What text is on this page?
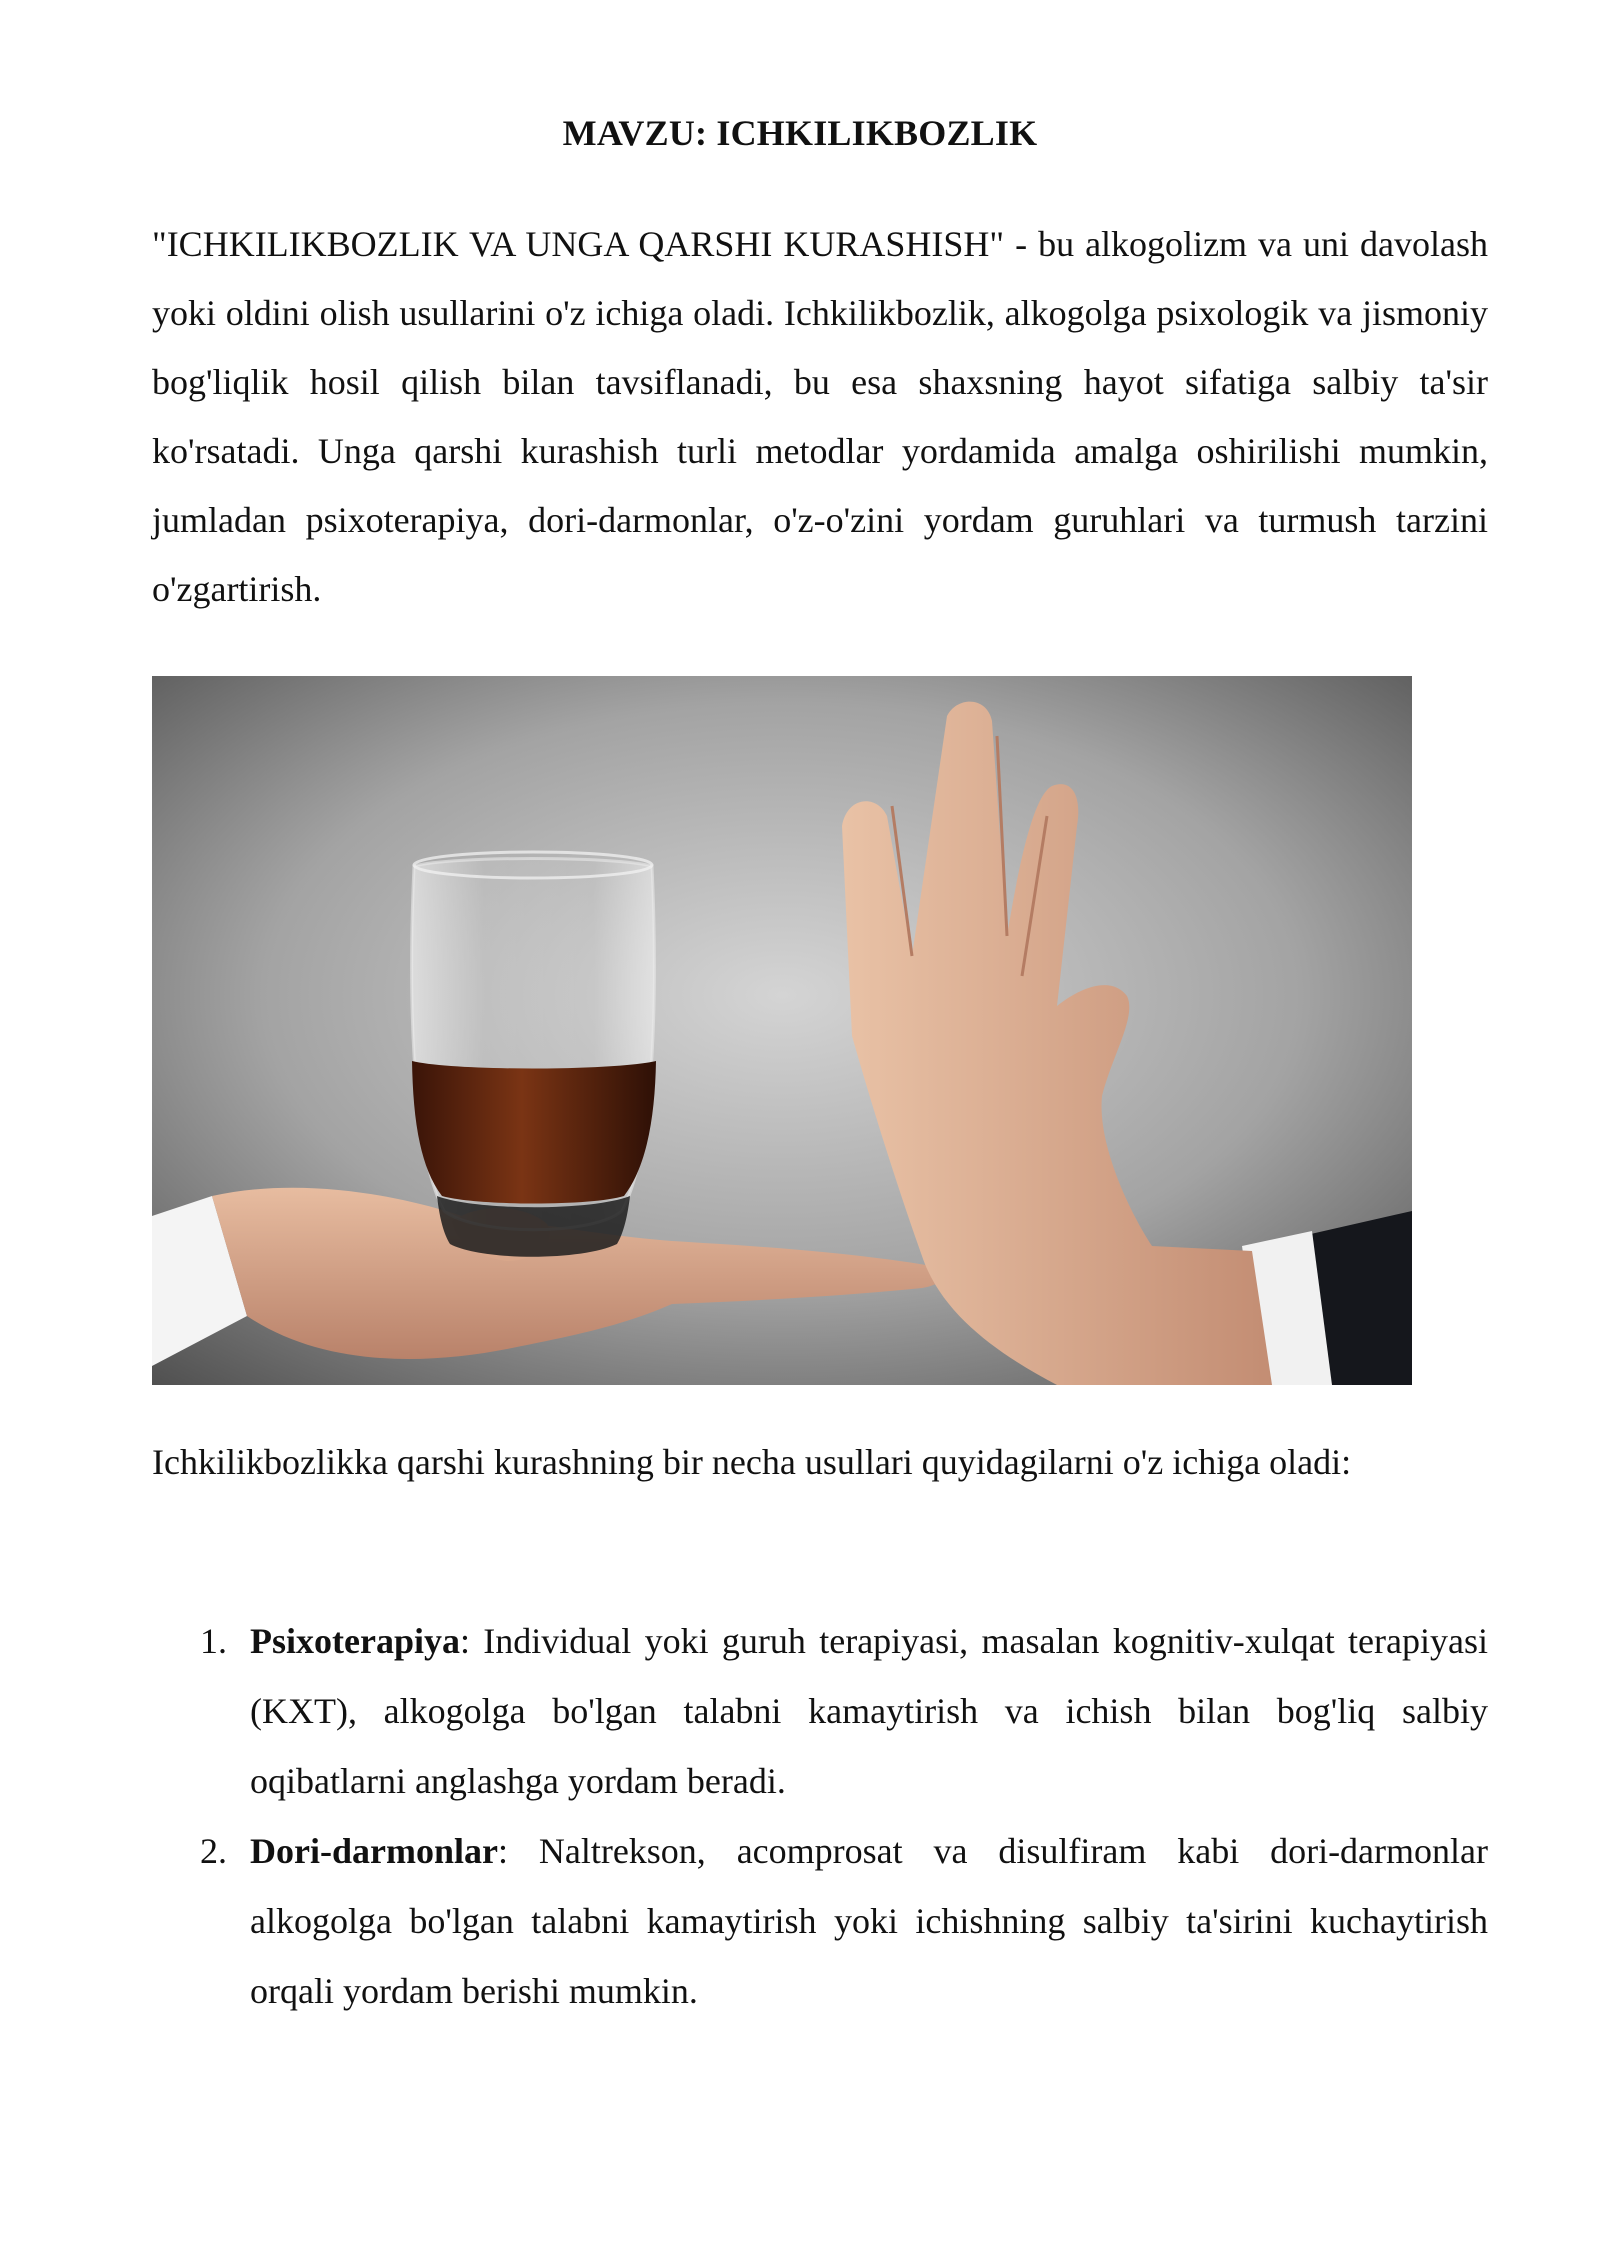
MAVZU: ICHKILIKBOZLIK

"ICHKILIKBOZLIK VA UNGA QARSHI KURASHISH" - bu alkogolizm va uni davolash yoki oldini olish usullarini o'z ichiga oladi. Ichkilikbozlik, alkogolga psixologik va jismoniy bog'liqlik hosil qilish bilan tavsiflanadi, bu esa shaxsning hayot sifatiga salbiy ta'sir ko'rsatadi. Unga qarshi kurashish turli metodlar yordamida amalga oshirilishi mumkin, jumladan psixoterapiya, dori-darmonlar, o'z-o'zini yordam guruhlari va turmush tarzini o'zgartirish.

Ichkilikbozlikka qarshi kurashning bir necha usullari quyidagilarni o'z ichiga oladi:

1. Psixoterapiya: Individual yoki guruh terapiyasi, masalan kognitiv-xulqat terapiyasi (KXT), alkogolga bo'lgan talabni kamaytirish va ichish bilan bog'liq salbiy oqibatlarni anglashga yordam beradi.
2. Dori-darmonlar: Naltrekson, acomprosat va disulfiram kabi dori-darmonlar alkogolga bo'lgan talabni kamaytirish yoki ichishning salbiy ta'sirini kuchaytirish orqali yordam berishi mumkin.
